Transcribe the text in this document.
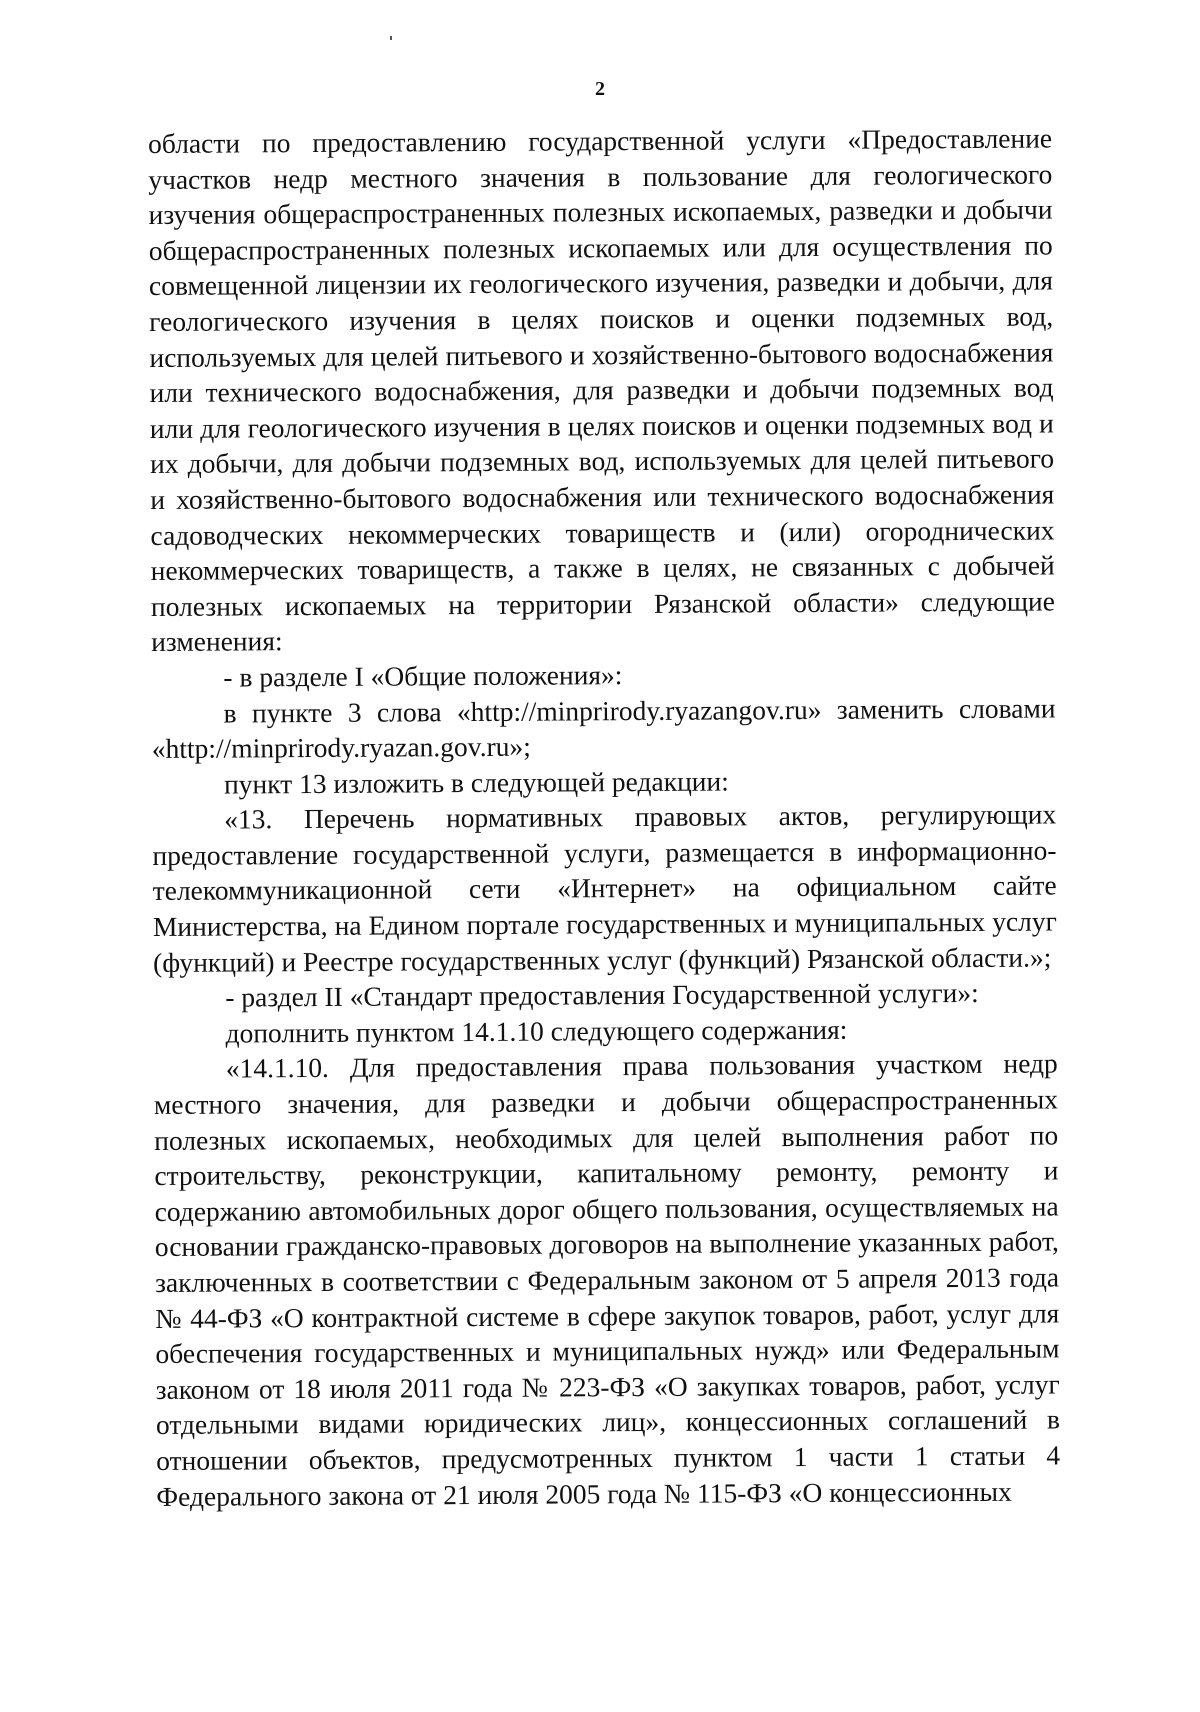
2

области по предоставлению государственной услуги «Предоставление участков недр местного значения в пользование для геологического изучения общераспространенных полезных ископаемых, разведки и добычи общераспространенных полезных ископаемых или для осуществления по совмещенной лицензии их геологического изучения, разведки и добычи, для геологического изучения в целях поисков и оценки подземных вод, используемых для целей питьевого и хозяйственно-бытового водоснабжения или технического водоснабжения, для разведки и добычи подземных вод или для геологического изучения в целях поисков и оценки подземных вод и их добычи, для добычи подземных вод, используемых для целей питьевого и хозяйственно-бытового водоснабжения или технического водоснабжения садоводческих некоммерческих товариществ и (или) огороднических некоммерческих товариществ, а также в целях, не связанных с добычей полезных ископаемых на территории Рязанской области» следующие изменения:

- в разделе I «Общие положения»:

в пункте 3 слова «http://minprirody.ryazangov.ru» заменить словами «http://minprirody.ryazan.gov.ru»;

пункт 13 изложить в следующей редакции:

«13. Перечень нормативных правовых актов, регулирующих предоставление государственной услуги, размещается в информационно-телекоммуникационной сети «Интернет» на официальном сайте Министерства, на Едином портале государственных и муниципальных услуг (функций) и Реестре государственных услуг (функций) Рязанской области.»;

- раздел II «Стандарт предоставления Государственной услуги»:

дополнить пунктом 14.1.10 следующего содержания:

«14.1.10. Для предоставления права пользования участком недр местного значения, для разведки и добычи общераспространенных полезных ископаемых, необходимых для целей выполнения работ по строительству, реконструкции, капитальному ремонту, ремонту и содержанию автомобильных дорог общего пользования, осуществляемых на основании гражданско-правовых договоров на выполнение указанных работ, заключенных в соответствии с Федеральным законом от 5 апреля 2013 года № 44-ФЗ «О контрактной системе в сфере закупок товаров, работ, услуг для обеспечения государственных и муниципальных нужд» или Федеральным законом от 18 июля 2011 года № 223-ФЗ «О закупках товаров, работ, услуг отдельными видами юридических лиц», концессионных соглашений в отношении объектов, предусмотренных пунктом 1 части 1 статьи 4 Федерального закона от 21 июля 2005 года № 115-ФЗ «О концессионных
